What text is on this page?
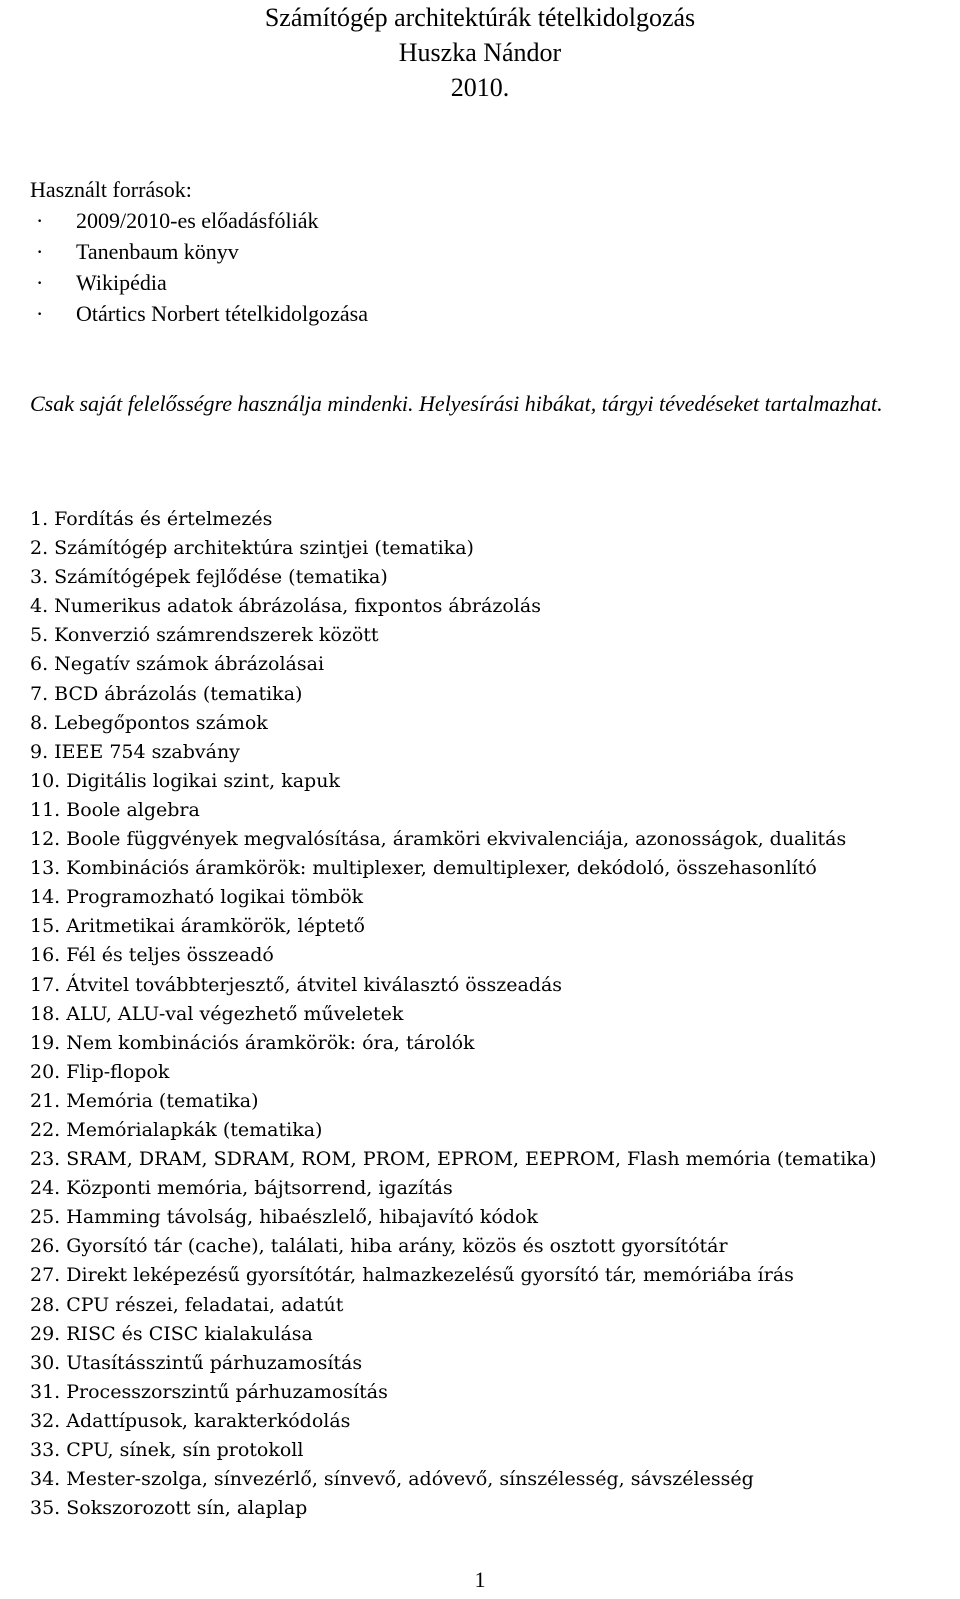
Számítógép architektúrák tételkidolgozás
Huszka Nándor
2010.
Használt források:
·	2009/2010-es előadásfóliák
·	Tanenbaum könyv
·	Wikipédia
·	Otártics Norbert tételkidolgozása
Csak saját felelősségre használja mindenki. Helyesírási hibákat, tárgyi tévedéseket tartalmazhat.
1. Fordítás és értelmezés
2. Számítógép architektúra szintjei (tematika)
3. Számítógépek fejlődése (tematika)
4. Numerikus adatok ábrázolása, fixpontos ábrázolás
5. Konverzió számrendszerek között
6. Negatív számok ábrázolásai
7. BCD ábrázolás (tematika)
8. Lebegőpontos számok
9. IEEE 754 szabvány
10. Digitális logikai szint, kapuk
11. Boole algebra
12. Boole függvények megvalósítása, áramköri ekvivalenciája, azonosságok, dualitás
13. Kombinációs áramkörök: multiplexer, demultiplexer, dekódoló, összehasonlító
14. Programozható logikai tömbök
15. Aritmetikai áramkörök, léptető
16. Fél és teljes összeadó
17. Átvitel továbbterjesztő, átvitel kiválasztó összeadás
18. ALU, ALU-val végezhető műveletek
19. Nem kombinációs áramkörök: óra, tárolók
20. Flip-flopok
21. Memória (tematika)
22. Memórialapkák (tematika)
23. SRAM, DRAM, SDRAM, ROM, PROM, EPROM, EEPROM, Flash memória (tematika)
24. Központi memória, bájtsorrend, igazítás
25. Hamming távolság, hibaészlelő, hibajavító kódok
26. Gyorsító tár (cache), találati, hiba arány, közös és osztott gyorsítótár
27. Direkt leképezésű gyorsítótár, halmazkezelésű gyorsító tár, memóriába írás
28. CPU részei, feladatai, adatút
29. RISC és CISC kialakulása
30. Utasításszintű párhuzamosítás
31. Processzorszintű párhuzamosítás
32. Adattípusok, karakterkódolás
33. CPU, sínek, sín protokoll
34. Mester-szolga, sínvezérlő, sínvevő, adóvevő, sínszélesség, sávszélesség
35. Sokszorozott sín, alaplap
1
